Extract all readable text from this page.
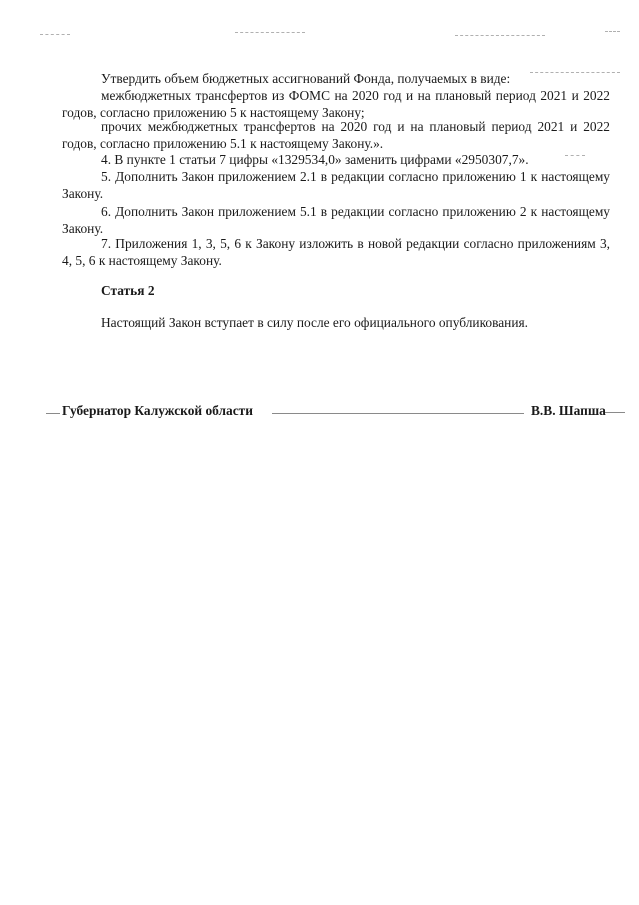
Утвердить объем бюджетных ассигнований Фонда, получаемых в виде:

межбюджетных трансфертов из ФОМС на 2020 год и на плановый период 2021 и 2022 годов, согласно приложению 5 к настоящему Закону;

прочих межбюджетных трансфертов на 2020 год и на плановый период 2021 и 2022 годов, согласно приложению 5.1 к настоящему Закону.».

4. В пункте 1 статьи 7 цифры «1329534,0» заменить цифрами «2950307,7».

5. Дополнить Закон приложением 2.1 в редакции согласно приложению 1 к настоящему Закону.

6. Дополнить Закон приложением 5.1 в редакции согласно приложению 2 к настоящему Закону.

7. Приложения 1, 3, 5, 6 к Закону изложить в новой редакции согласно приложениям 3, 4, 5, 6 к настоящему Закону.

Статья 2

Настоящий Закон вступает в силу после его официального опубликования.

Губернатор Калужской области	В.В. Шапша
